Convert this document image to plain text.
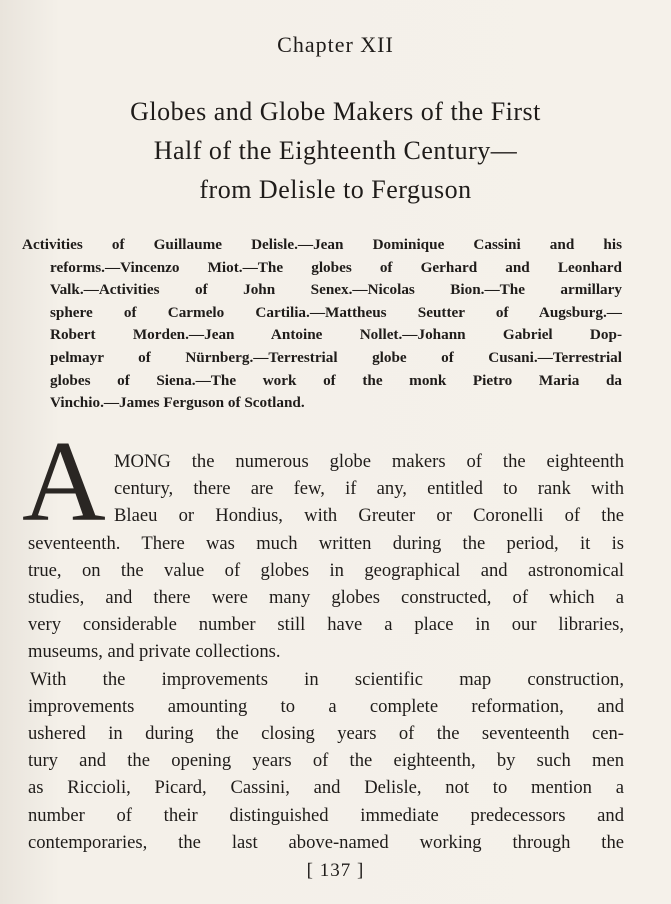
Chapter XII
Globes and Globe Makers of the First
Half of the Eighteenth Century—
from Delisle to Ferguson
Activities of Guillaume Delisle.—Jean Dominique Cassini and his
reforms.—Vincenzo Miot.—The globes of Gerhard and Leonhard
Valk.—Activities of John Senex.—Nicolas Bion.—The armillary
sphere of Carmelo Cartilia.—Mattheus Seutter of Augsburg.—
Robert Morden.—Jean Antoine Nollet.—Johann Gabriel Dop-
pelmayr of Nürnberg.—Terrestrial globe of Cusani.—Terrestrial
globes of Siena.—The work of the monk Pietro Maria da
Vinchio.—James Ferguson of Scotland.
A MONG the numerous globe makers of the eighteenth
century, there are few, if any, entitled to rank with
Blaeu or Hondius, with Greuter or Coronelli of the
seventeenth. There was much written during the period, it is
true, on the value of globes in geographical and astronomical
studies, and there were many globes constructed, of which a
very considerable number still have a place in our libraries,
museums, and private collections.
With the improvements in scientific map construction,
improvements amounting to a complete reformation, and
ushered in during the closing years of the seventeenth cen-
tury and the opening years of the eighteenth, by such men
as Riccioli, Picard, Cassini, and Delisle, not to mention a
number of their distinguished immediate predecessors and
contemporaries, the last above-named working through the
[ 137 ]
